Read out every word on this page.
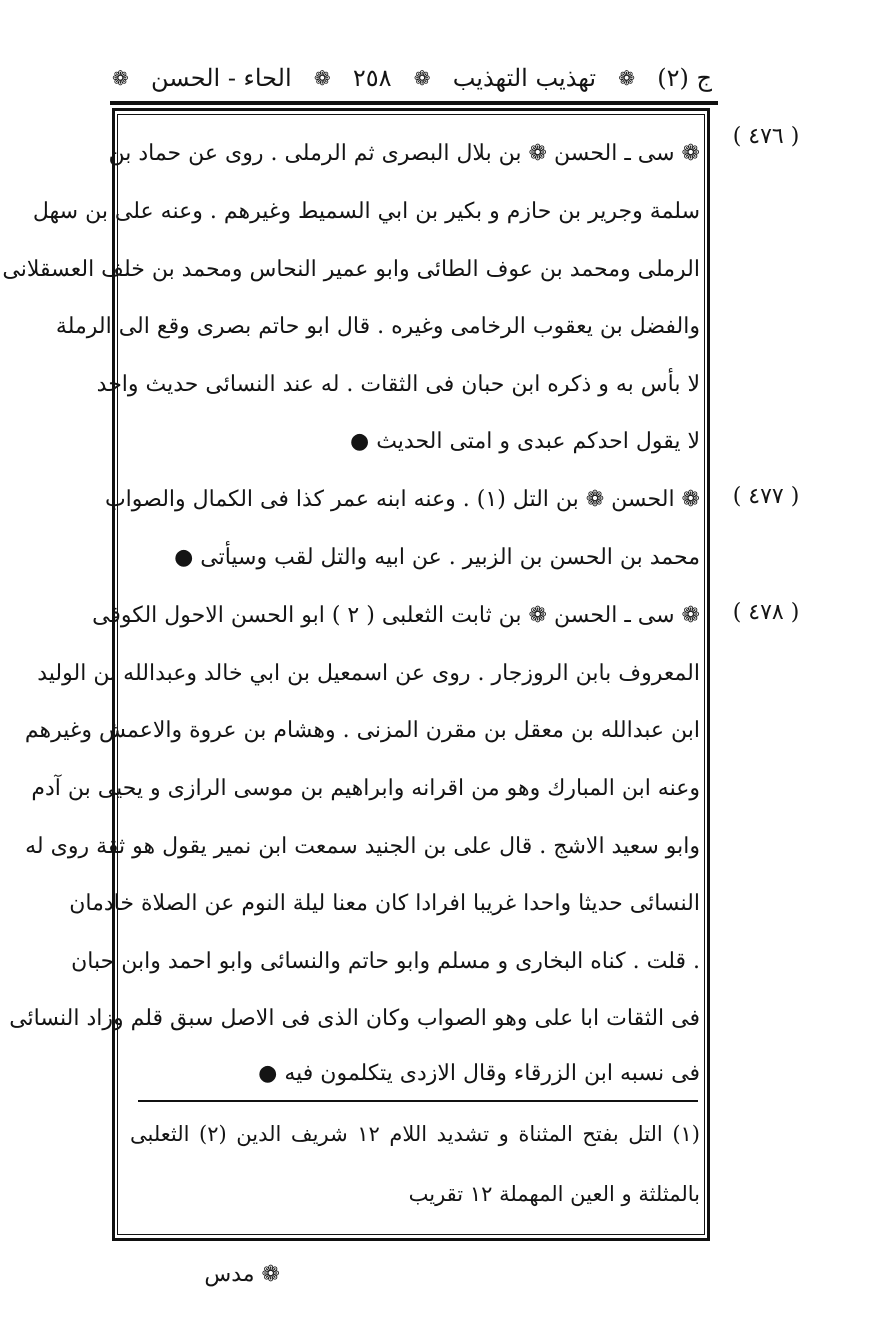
ج (٢)
❁
تهذيب التهذيب
❁
٢٥٨
❁
الحاء - الحسن
❁
( ٤٧٦ )
❁ سى ـ الحسن ❁ بن بلال البصرى ثم الرملى . روى عن حماد بن
سلمة وجرير بن حازم و بكير بن ابي السميط وغيرهم . وعنه على بن سهل
الرملى ومحمد بن عوف الطائى وابو عمير النحاس ومحمد بن خلف العسقلانى
والفضل بن يعقوب الرخامى وغيره . قال ابو حاتم بصرى وقع الى الرملة
لا بأس به و ذكره ابن حبان فى الثقات . له عند النسائى حديث واحد
لا يقول احدكم عبدى و امتى الحديث ●
( ٤٧٧ )
❁ الحسن ❁ بن التل (١) . وعنه ابنه عمر كذا فى الكمال والصواب
محمد بن الحسن بن الزبير . عن ابيه والتل لقب وسيأتى ●
( ٤٧٨ )
❁ سى ـ الحسن ❁ بن ثابت الثعلبى ( ٢ ) ابو الحسن الاحول الكوفى
المعروف بابن الروزجار . روى عن اسمعيل بن ابي خالد وعبدالله بن الوليد
ابن عبدالله بن معقل بن مقرن المزنى . وهشام بن عروة والاعمش وغيرهم
وعنه ابن المبارك وهو من اقرانه وابراهيم بن موسى الرازى و يحيى بن آدم
وابو سعيد الاشج . قال على بن الجنيد سمعت ابن نمير يقول هو ثقة روى له
النسائى حديثا واحدا غريبا افرادا كان معنا ليلة النوم عن الصلاة خادمان
. قلت . كناه البخارى و مسلم وابو حاتم والنسائى وابو احمد وابن حبان
فى الثقات ابا على وهو الصواب وكان الذى فى الاصل سبق قلم وزاد النسائى
فى نسبه ابن الزرقاء وقال الازدى يتكلمون فيه ●
(١) التل بفتح المثناة و تشديد اللام ١٢ شريف الدين (٢) الثعلبى
بالمثلثة و العين المهملة ١٢ تقريب
❁ مدس
